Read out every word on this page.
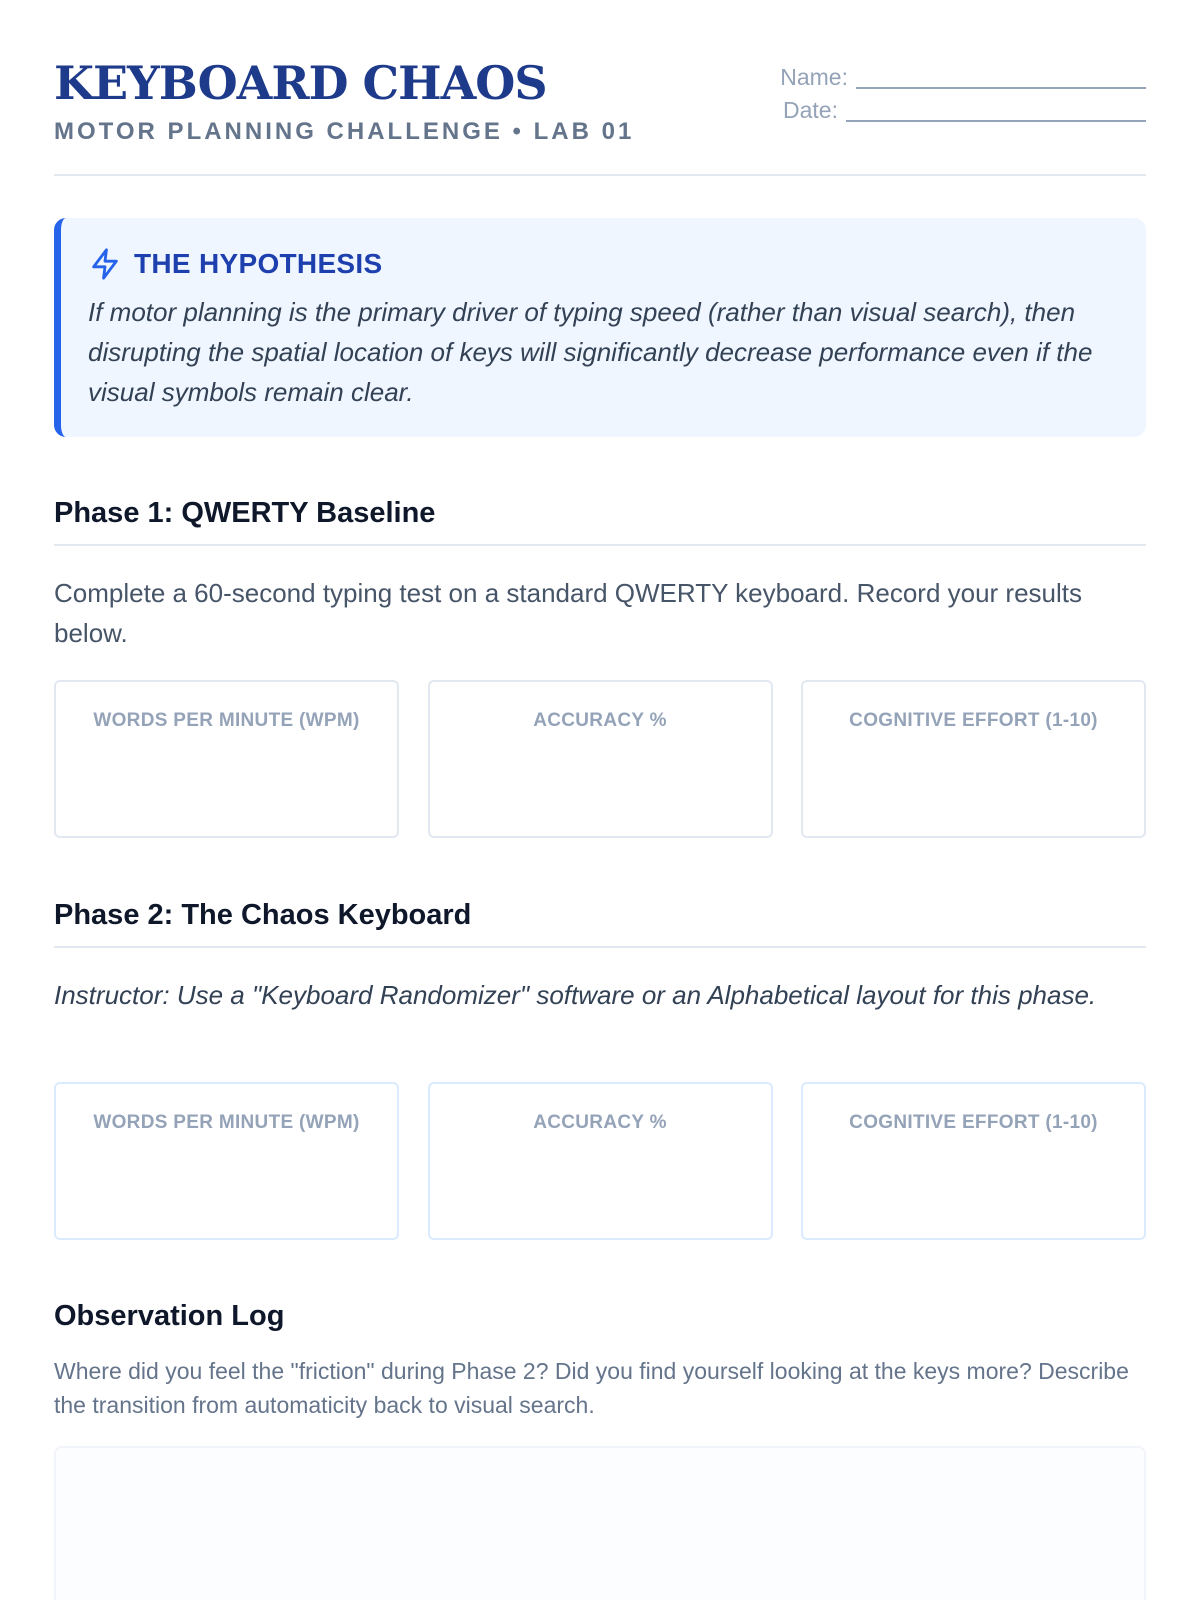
KEYBOARD CHAOS
MOTOR PLANNING CHALLENGE • LAB 01
Name:
Date:
THE HYPOTHESIS
If motor planning is the primary driver of typing speed (rather than visual search), then disrupting the spatial location of keys will significantly decrease performance even if the visual symbols remain clear.
Phase 1: QWERTY Baseline
Complete a 60-second typing test on a standard QWERTY keyboard. Record your results below.
WORDS PER MINUTE (WPM)	ACCURACY %	COGNITIVE EFFORT (1-10)
Phase 2: The Chaos Keyboard
Instructor: Use a "Keyboard Randomizer" software or an Alphabetical layout for this phase.
WORDS PER MINUTE (WPM)	ACCURACY %	COGNITIVE EFFORT (1-10)
Observation Log
Where did you feel the "friction" during Phase 2? Did you find yourself looking at the keys more? Describe the transition from automaticity back to visual search.
